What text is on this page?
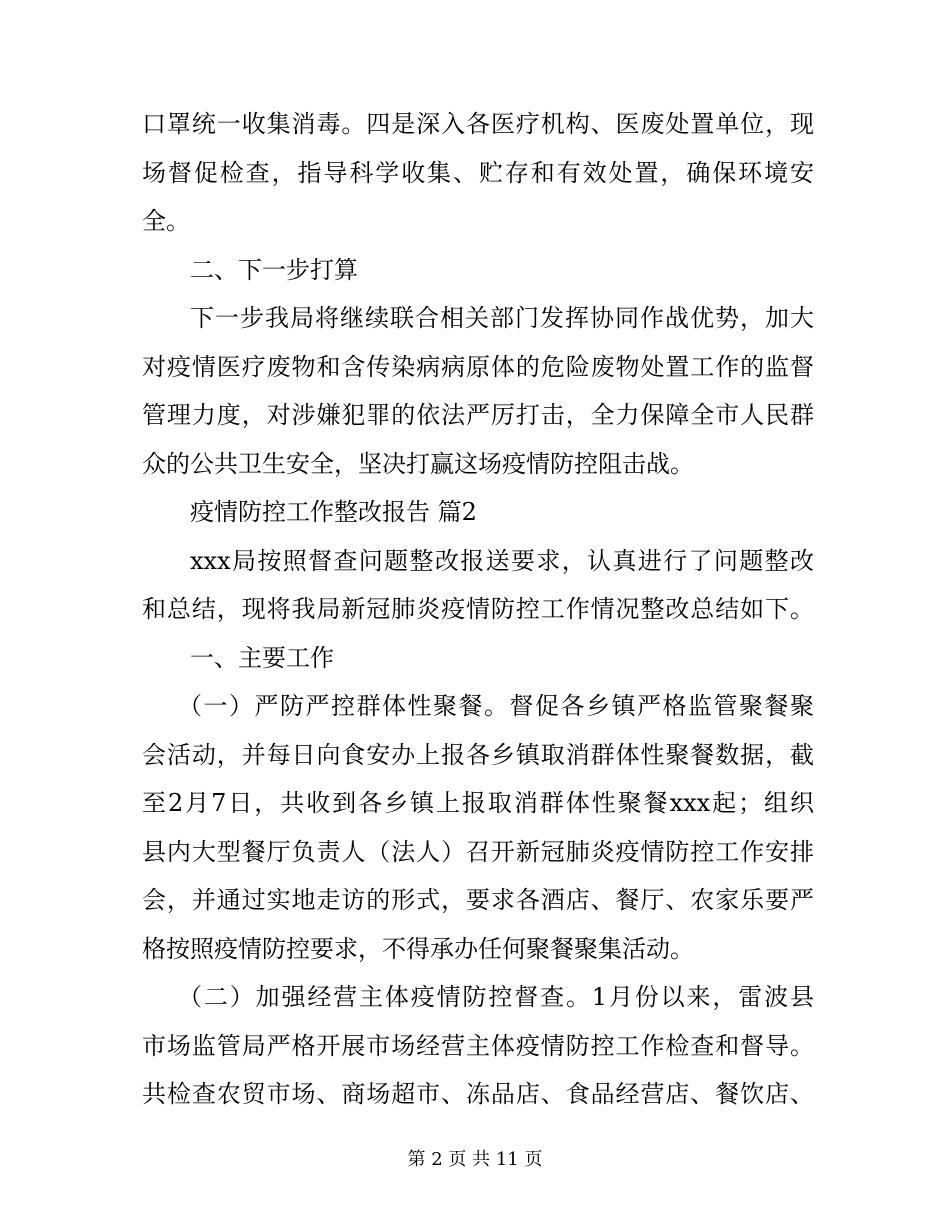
口罩统一收集消毒。四是深入各医疗机构、医废处置单位，现
场督促检查，指导科学收集、贮存和有效处置，确保环境安
全。
二、下一步打算
下一步我局将继续联合相关部门发挥协同作战优势，加大
对疫情医疗废物和含传染病病原体的危险废物处置工作的监督
管理力度，对涉嫌犯罪的依法严厉打击，全力保障全市人民群
众的公共卫生安全，坚决打赢这场疫情防控阻击战。
疫情防控工作整改报告 篇2
xxx局按照督查问题整改报送要求，认真进行了问题整改
和总结，现将我局新冠肺炎疫情防控工作情况整改总结如下。
一、主要工作
（一）严防严控群体性聚餐。督促各乡镇严格监管聚餐聚
会活动，并每日向食安办上报各乡镇取消群体性聚餐数据，截
至2月7日，共收到各乡镇上报取消群体性聚餐xxx起；组织
县内大型餐厅负责人（法人）召开新冠肺炎疫情防控工作安排
会，并通过实地走访的形式，要求各酒店、餐厅、农家乐要严
格按照疫情防控要求，不得承办任何聚餐聚集活动。
（二）加强经营主体疫情防控督查。1月份以来，雷波县
市场监管局严格开展市场经营主体疫情防控工作检查和督导。
共检查农贸市场、商场超市、冻品店、食品经营店、餐饮店、
第 2 页 共 11 页
